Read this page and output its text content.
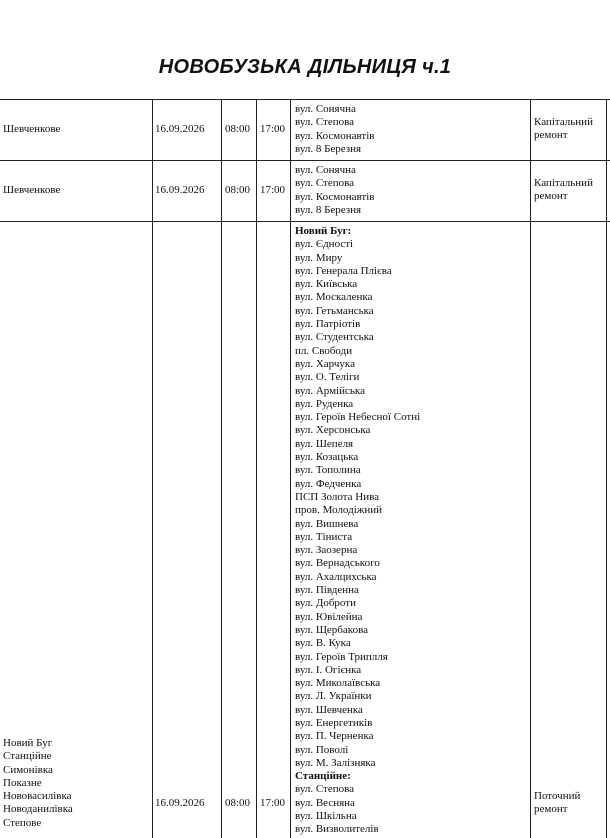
НОВОБУЗЬКА ДІЛЬНИЦЯ ч.1
Шевченкове	16.09.2026 08:00 17:00
вул. Сонячна
вул. Степова
вул. Космонавтів
вул. 8 Березня
Капітальний
ремонт
Шевченкове	16.09.2026 08:00 17:00
вул. Сонячна
вул. Степова
вул. Космонавтів
вул. 8 Березня
Капітальний
ремонт
Новий Буг
Станційне
Симонівка
Показне
Нововасилівка
Новоданилівка
Степове
16.09.2026 08:00 17:00
Новий Буг:
вул. Єдності
вул. Миру
вул. Генерала Плієва
вул. Київська
вул. Москаленка
вул. Гетьманська
вул. Патріотів
вул. Студентська
пл. Свободи
вул. Харчука
вул. О. Теліги
вул. Армійська
вул. Руденка
вул. Героїв Небесної Сотні
вул. Херсонська
вул. Шепеля
вул. Козацька
вул. Тополина
вул. Федченка
ПСП Золота Нива
пров. Молодіжний
вул. Вишнева
вул. Тіниста
вул. Заозерна
вул. Вернадського
вул. Ахалцихська
вул. Південна
вул. Доброти
вул. Ювілейна
вул. Щербакова
вул. В. Кука
вул. Героїв Триплля
вул. І. Огієнка
вул. Миколаївська
вул. Л. Українки
вул. Шевченка
вул. Енергетиків
вул. П. Черненка
вул. Поволі
вул. М. Залізняка
Станційне:
вул. Степова
вул. Весняна
вул. Шкільна
вул. Визволителів
Поточний
ремонт
